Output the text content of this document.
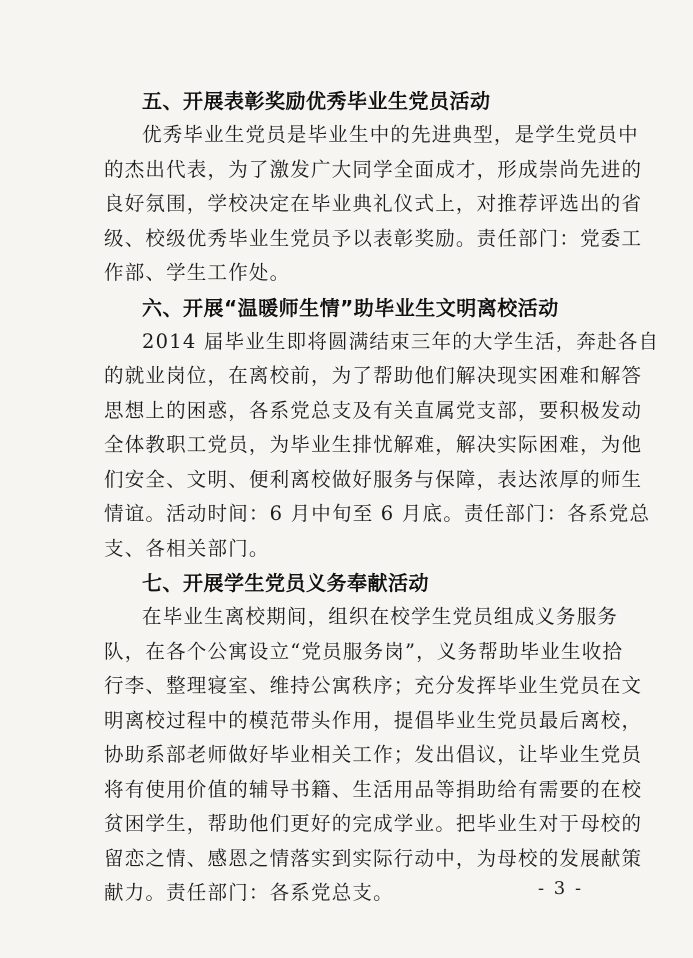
五、开展表彰奖励优秀毕业生党员活动
优秀毕业生党员是毕业生中的先进典型，是学生党员中
的杰出代表，为了激发广大同学全面成才，形成崇尚先进的
良好氛围，学校决定在毕业典礼仪式上，对推荐评选出的省
级、校级优秀毕业生党员予以表彰奖励。责任部门：党委工
作部、学生工作处。
六、开展“温暖师生情”助毕业生文明离校活动
2014 届毕业生即将圆满结束三年的大学生活，奔赴各自
的就业岗位，在离校前，为了帮助他们解决现实困难和解答
思想上的困惑，各系党总支及有关直属党支部，要积极发动
全体教职工党员，为毕业生排忧解难，解决实际困难，为他
们安全、文明、便利离校做好服务与保障，表达浓厚的师生
情谊。活动时间：6 月中旬至 6 月底。责任部门：各系党总
支、各相关部门。
七、开展学生党员义务奉献活动
在毕业生离校期间，组织在校学生党员组成义务服务
队，在各个公寓设立“党员服务岗”，义务帮助毕业生收拾
行李、整理寝室、维持公寓秩序；充分发挥毕业生党员在文
明离校过程中的模范带头作用，提倡毕业生党员最后离校，
协助系部老师做好毕业相关工作；发出倡议，让毕业生党员
将有使用价值的辅导书籍、生活用品等捐助给有需要的在校
贫困学生，帮助他们更好的完成学业。把毕业生对于母校的
留恋之情、感恩之情落实到实际行动中，为母校的发展献策
献力。责任部门：各系党总支。	- 3 -
